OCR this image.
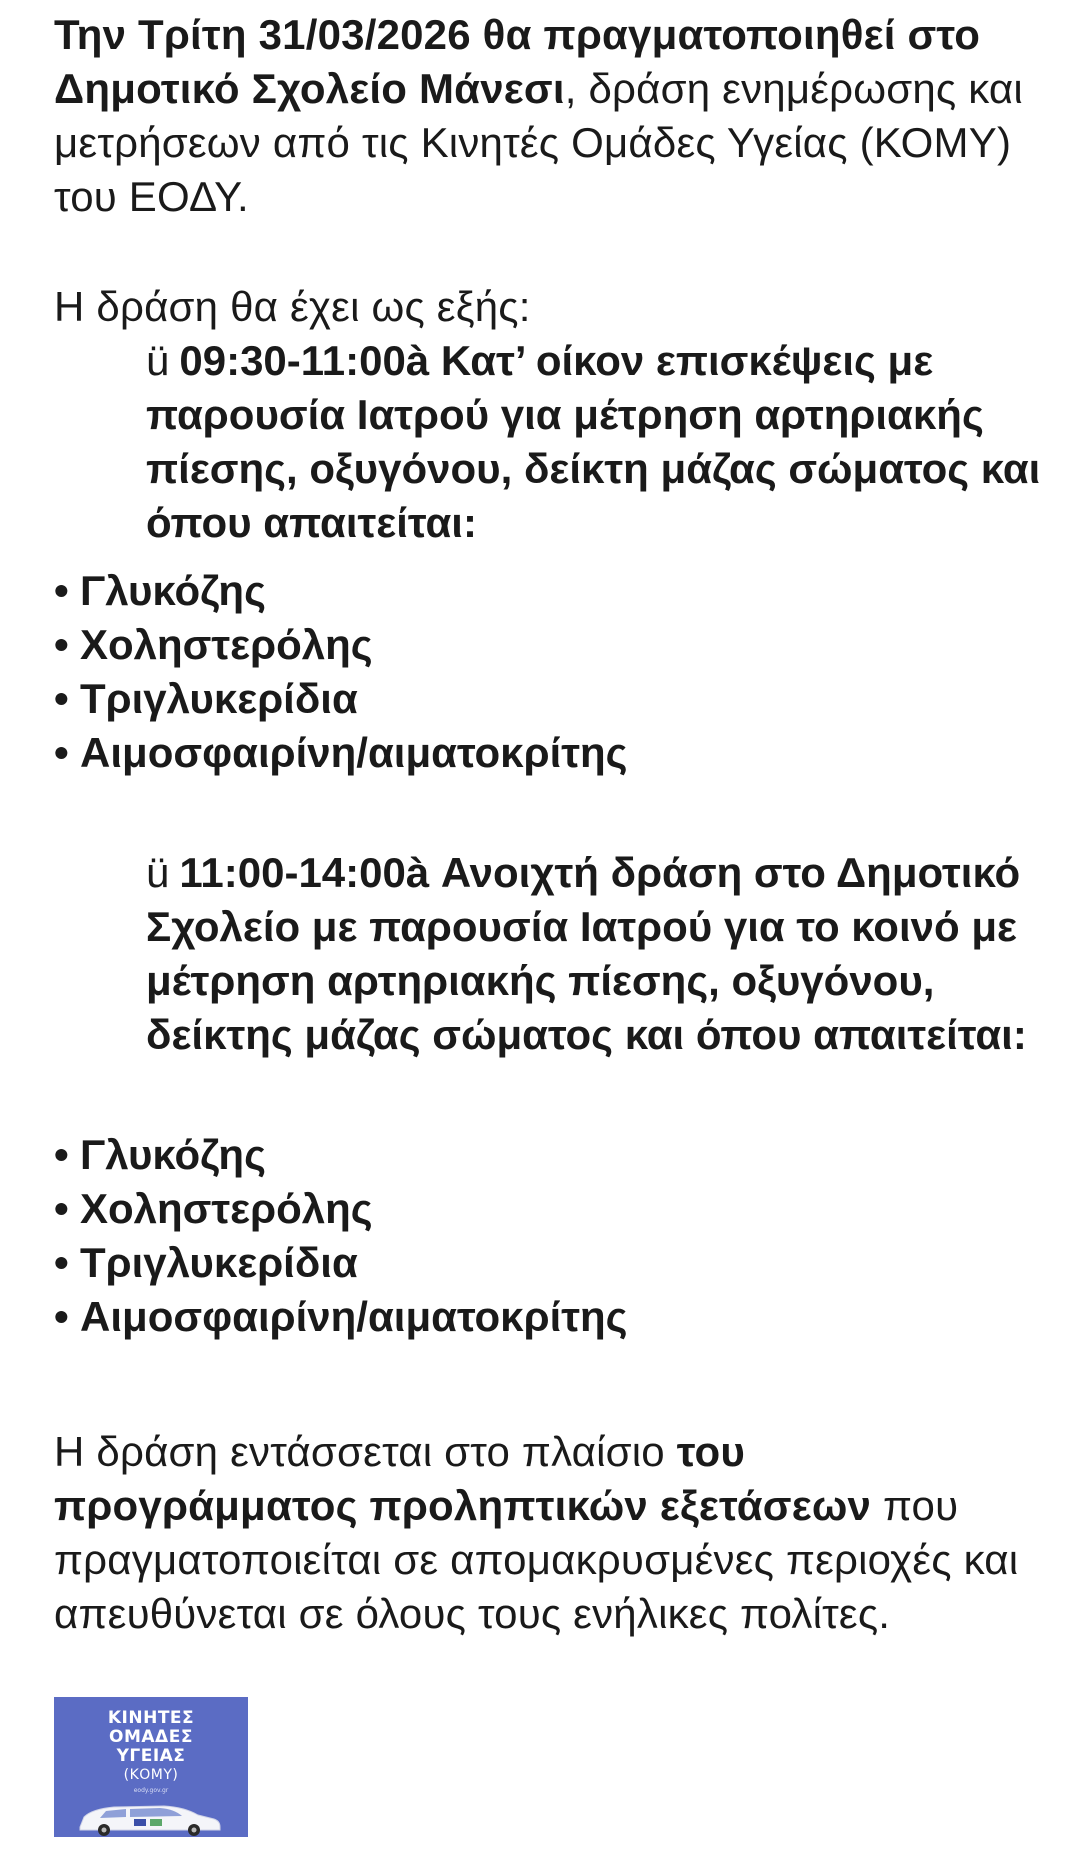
Την Τρίτη 31/03/2026 θα πραγματοποιηθεί στο Δημοτικό Σχολείο Μάνεσι, δράση ενημέρωσης και μετρήσεων από τις Κινητές Ομάδες Υγείας (ΚΟΜΥ) του ΕΟΔΥ.
Η δράση θα έχει ως εξής:
ü 09:30-11:00à Κατ’ οίκον επισκέψεις με παρουσία Ιατρού για μέτρηση αρτηριακής πίεσης, οξυγόνου, δείκτη μάζας σώματος και όπου απαιτείται:
• Γλυκόζης
• Χοληστερόλης
• Τριγλυκερίδια
• Αιμοσφαιρίνη/αιματοκρίτης
ü 11:00-14:00à Ανοιχτή δράση στο Δημοτικό Σχολείο με παρουσία Ιατρού για το κοινό με μέτρηση αρτηριακής πίεσης, οξυγόνου, δείκτης μάζας σώματος και όπου απαιτείται:
• Γλυκόζης
• Χοληστερόλης
• Τριγλυκερίδια
• Αιμοσφαιρίνη/αιματοκρίτης
Η δράση εντάσσεται στο πλαίσιο του προγράμματος προληπτικών εξετάσεων που πραγματοποιείται σε απομακρυσμένες περιοχές και απευθύνεται σε όλους τους ενήλικες πολίτες.
ΚΙΝΗΤΕΣ
ΟΜΑΔΕΣ
ΥΓΕΙΑΣ
(ΚΟΜΥ)
eody.gov.gr
